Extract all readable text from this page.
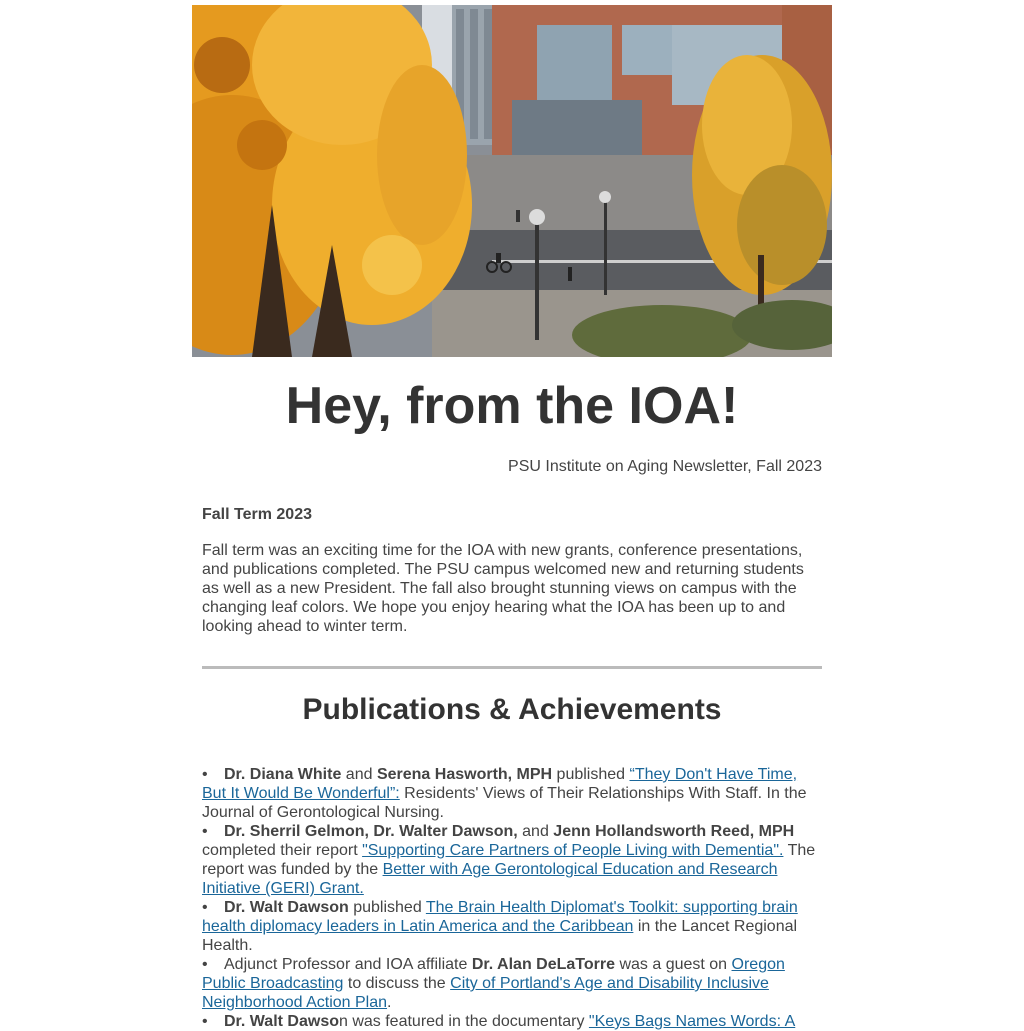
Hey, from the IOA!
PSU Institute on Aging Newsletter, Fall 2023

Fall Term 2023

Fall term was an exciting time for the IOA with new grants, conference presentations, and publications completed. The PSU campus welcomed new and returning students as well as a new President. The fall also brought stunning views on campus with the changing leaf colors. We hope you enjoy hearing what the IOA has been up to and looking ahead to winter term.

Publications & Achievements
• Dr. Diana White and Serena Hasworth, MPH published “They Don't Have Time, But It Would Be Wonderful”: Residents' Views of Their Relationships With Staff. In the Journal of Gerontological Nursing.
• Dr. Sherril Gelmon, Dr. Walter Dawson, and Jenn Hollandsworth Reed, MPH completed their report "Supporting Care Partners of People Living with Dementia". The report was funded by the Better with Age Gerontological Education and Research Initiative (GERI) Grant.
• Dr. Walt Dawson published The Brain Health Diplomat's Toolkit: supporting brain health diplomacy leaders in Latin America and the Caribbean in the Lancet Regional Health.
• Adjunct Professor and IOA affiliate Dr. Alan DeLaTorre was a guest on Oregon Public Broadcasting to discuss the City of Portland's Age and Disability Inclusive Neighborhood Action Plan.
• Dr. Walt Dawson was featured in the documentary "Keys Bags Names Words: A
